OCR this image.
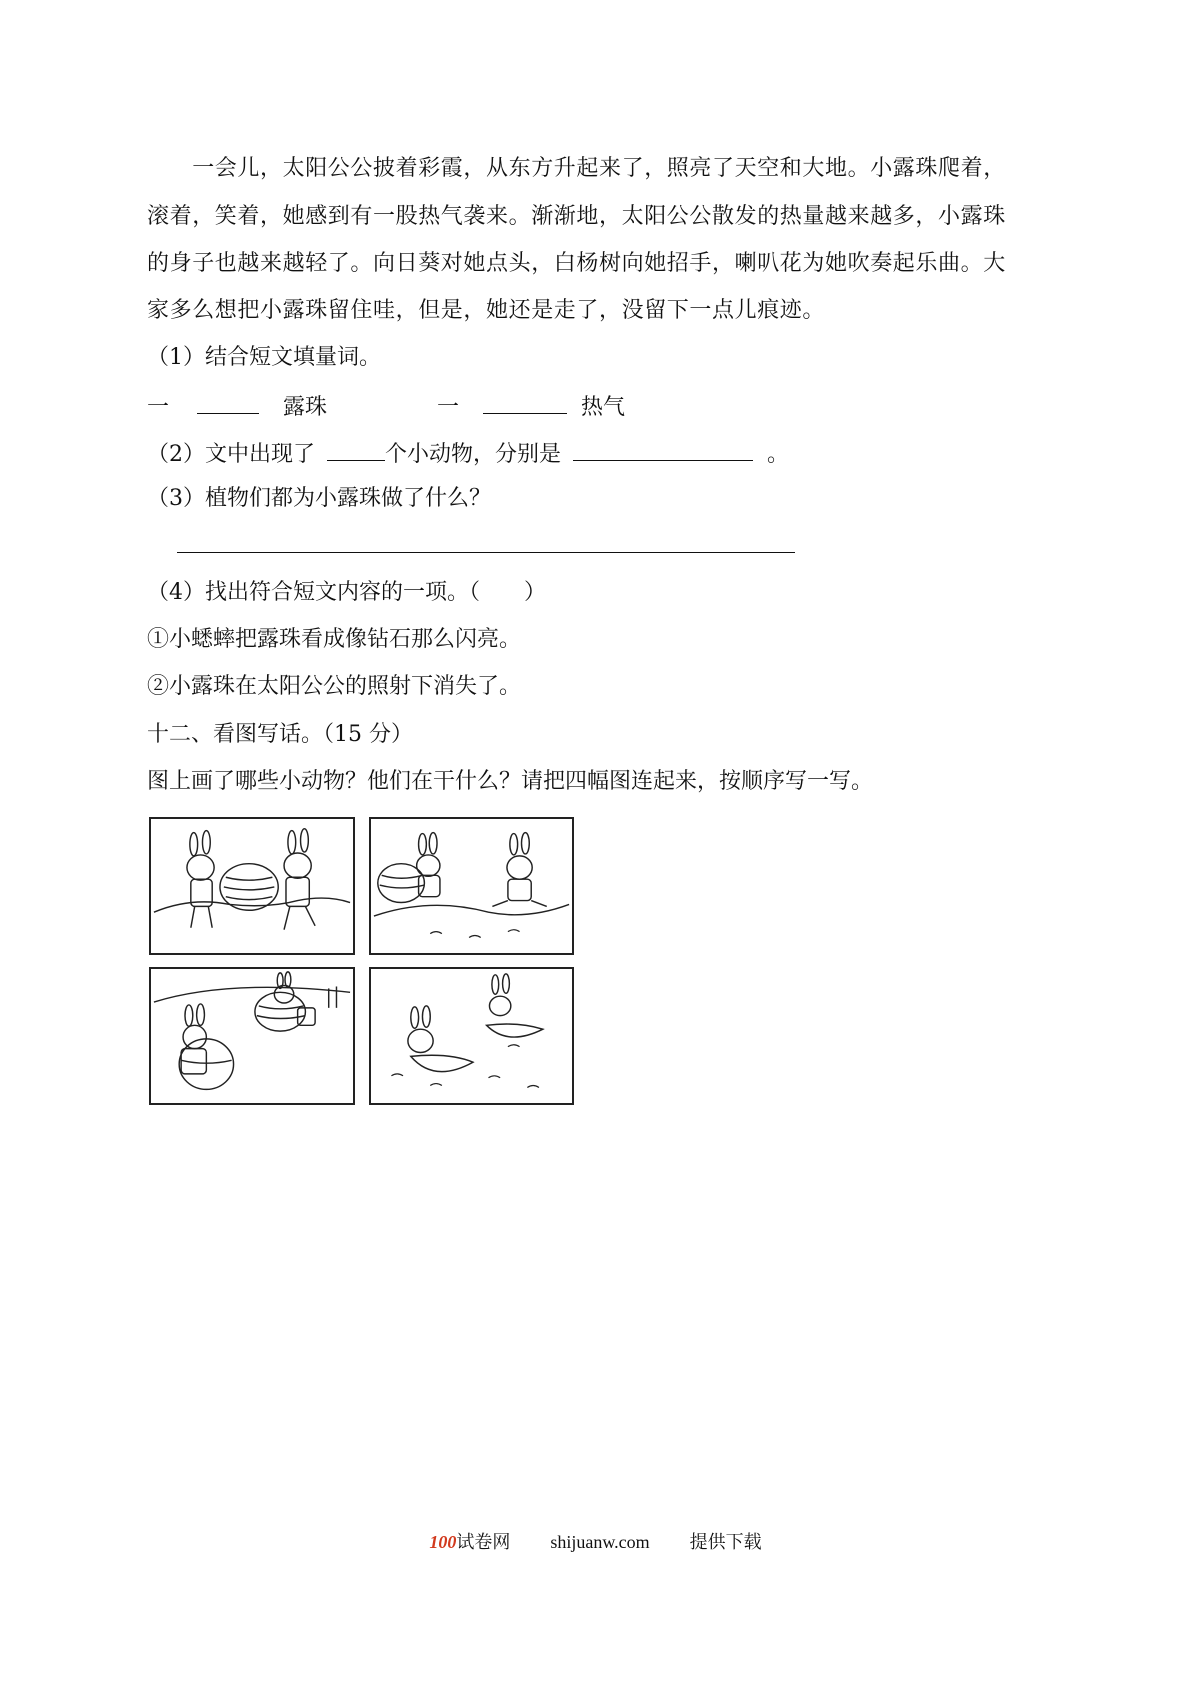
　　一会儿，太阳公公披着彩霞，从东方升起来了，照亮了天空和大地。小露珠爬着，
滚着，笑着，她感到有一股热气袭来。渐渐地，太阳公公散发的热量越来越多，小露珠
的身子也越来越轻了。向日葵对她点头，白杨树向她招手，喇叭花为她吹奏起乐曲。大
家多么想把小露珠留住哇，但是，她还是走了，没留下一点儿痕迹。
（1）结合短文填量词。
一	露珠	一	热气
（2）文中出现了	个小动物，分别是	。
（3）植物们都为小露珠做了什么？
（4）找出符合短文内容的一项。（　　）
①小蟋蟀把露珠看成像钻石那么闪亮。
②小露珠在太阳公公的照射下消失了。
十二、看图写话。（15 分）
图上画了哪些小动物？他们在干什么？请把四幅图连起来，按顺序写一写。
100试卷网 shijuanw.com 提供下载
